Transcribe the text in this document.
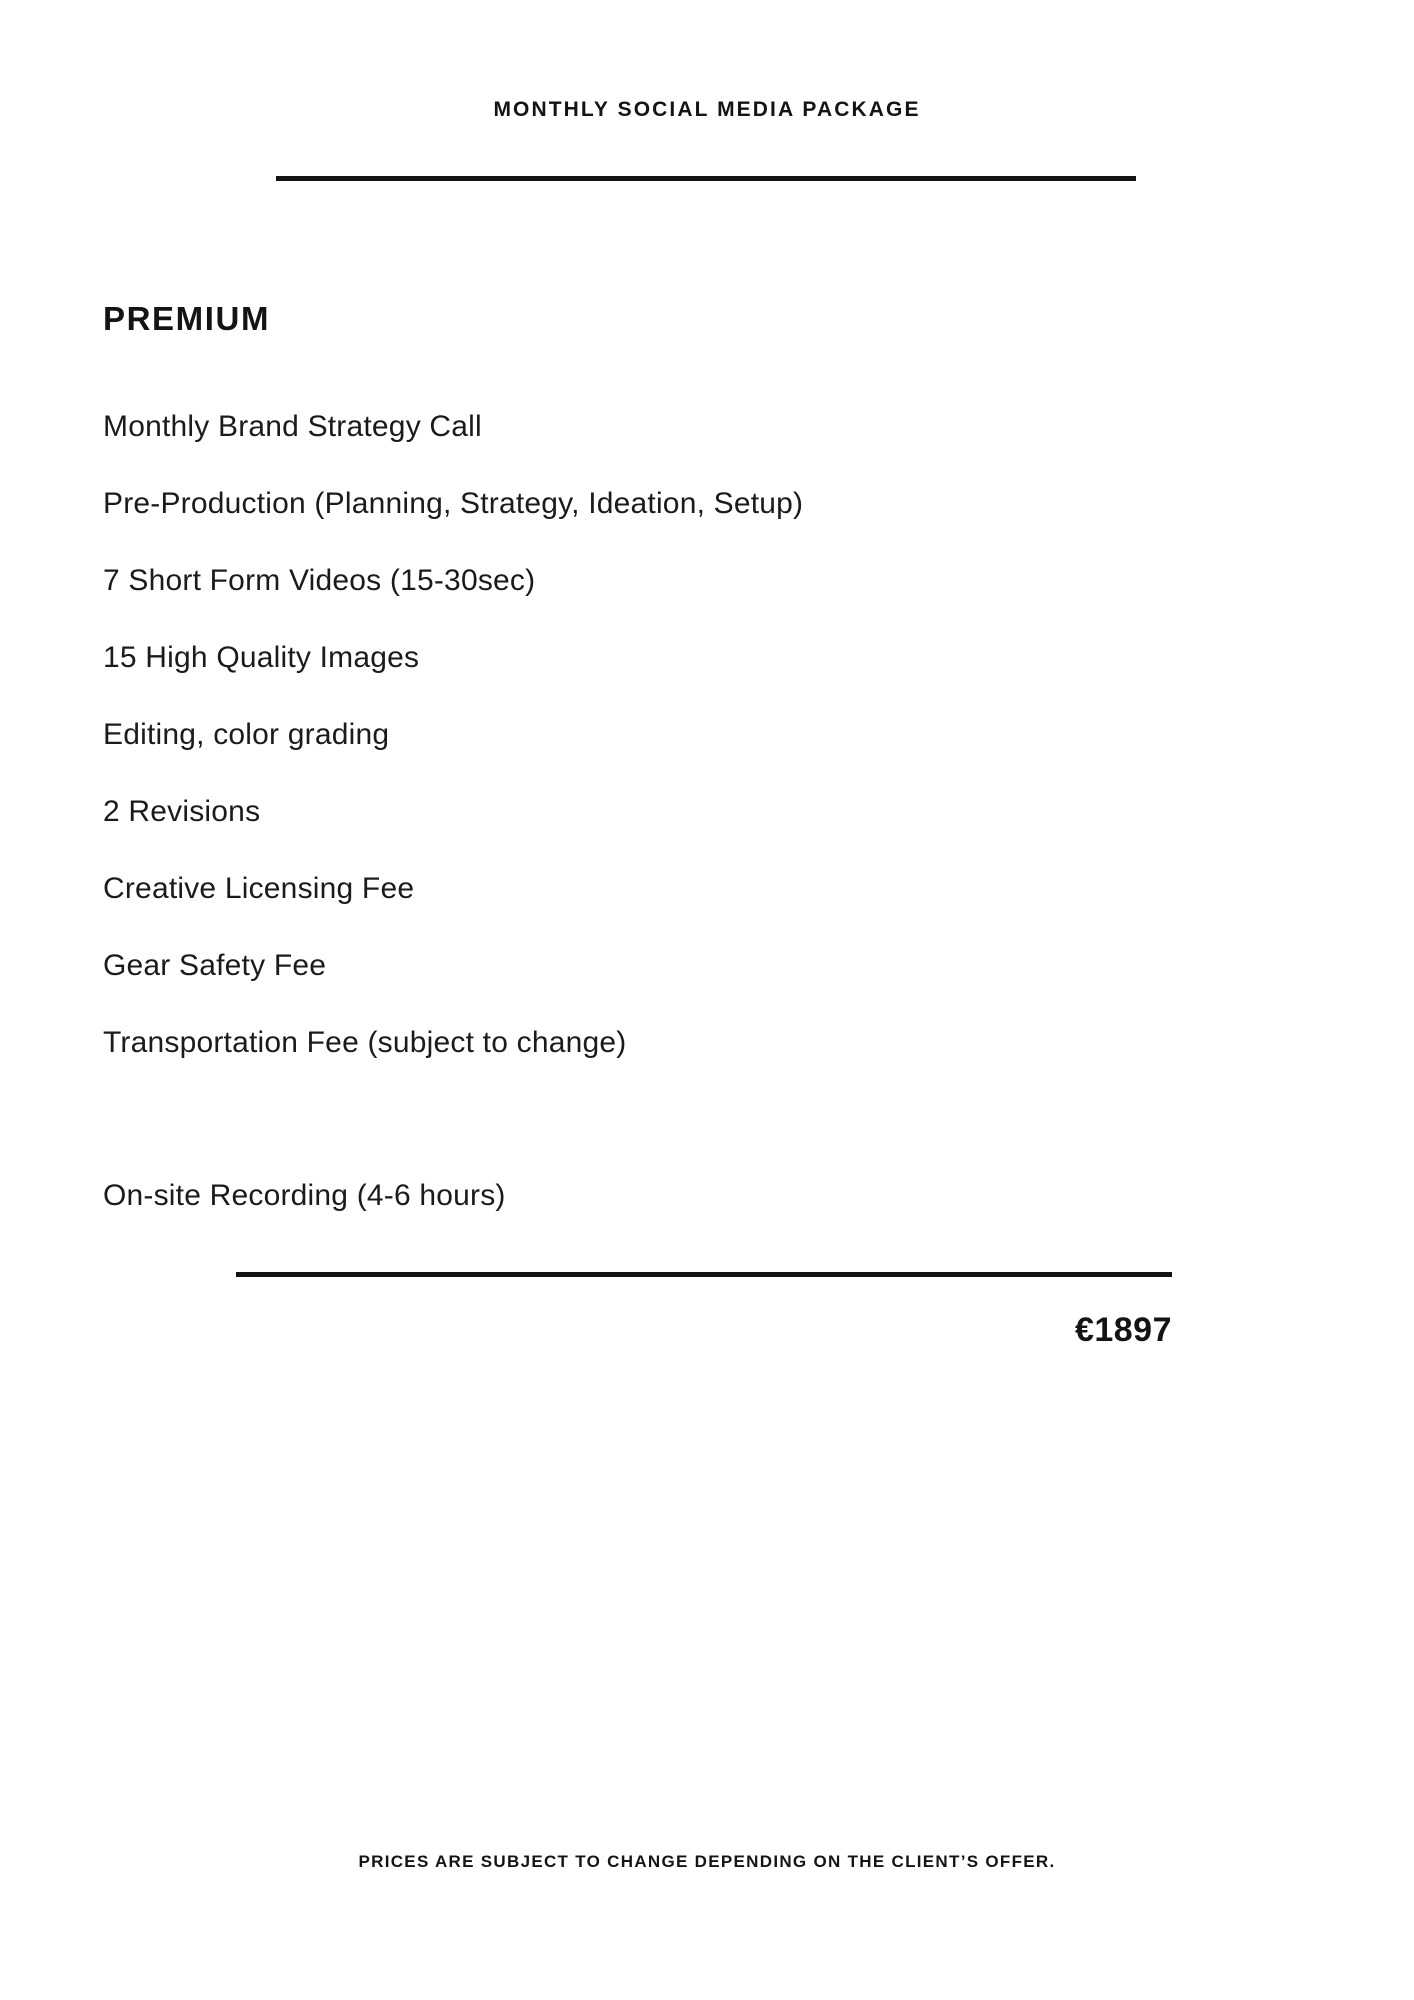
MONTHLY SOCIAL MEDIA PACKAGE
PREMIUM
Monthly Brand Strategy Call
Pre-Production (Planning, Strategy, Ideation, Setup)
7 Short Form Videos (15-30sec)
15 High Quality Images
Editing, color grading
2 Revisions
Creative Licensing Fee
Gear Safety Fee
Transportation Fee (subject to change)
On-site Recording (4-6 hours)
€1897
PRICES ARE SUBJECT TO CHANGE DEPENDING ON THE CLIENT’S OFFER.
